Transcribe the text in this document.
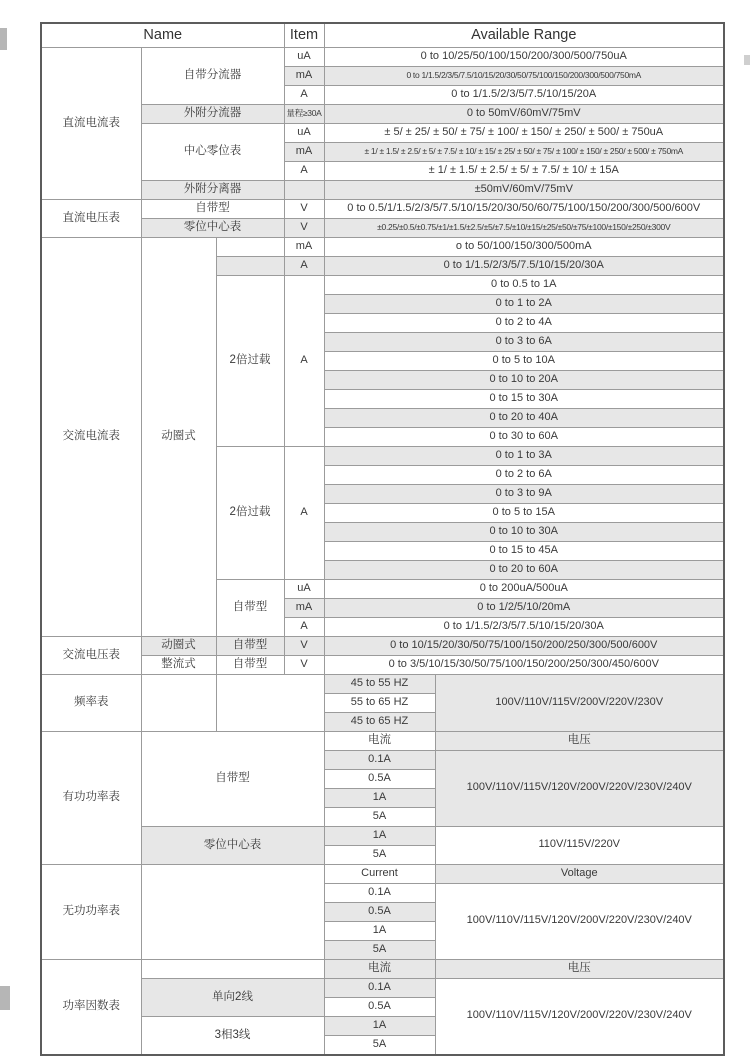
Name			Item	Available Range	
直流电流表	自带分流器		uA	0 to 10/25/50/100/150/200/300/500/750uA	
			mA	0 to 1/1.5/2/3/5/7.5/10/15/20/30/50/75/100/150/200/300/500/750mA	
			A	0 to 1/1.5/2/3/5/7.5/10/15/20A	
	外附分流器		量程≥30A	0 to 50mV/60mV/75mV	
	中心零位表		uA	± 5/ ± 25/ ± 50/ ± 75/ ± 100/ ± 150/ ± 250/ ± 500/ ± 750uA	
			mA	± 1/ ± 1.5/ ± 2.5/ ± 5/ ± 7.5/ ± 10/ ± 15/ ± 25/ ± 50/ ± 75/ ± 100/ ± 150/ ± 250/ ± 500/ ± 750mA	
			A	± 1/ ± 1.5/ ± 2.5/ ± 5/ ± 7.5/ ± 10/ ± 15A	
	外附分离器			±50mV/60mV/75mV	
直流电压表	自带型		V	0 to 0.5/1/1.5/2/3/5/7.5/10/15/20/30/50/60/75/100/150/200/300/500/600V	
	零位中心表		V	±0.25/±0.5/±0.75/±1/±1.5/±2.5/±5/±7.5/±10/±15/±25/±50/±75/±100/±150/±250/±300V	
交流电流表	动圈式		mA	o to 50/100/150/300/500mA	
			A	0 to 1/1.5/2/3/5/7.5/10/15/20/30A	
		2倍过载	A	0 to 0.5 to 1A	
				0 to 1 to 2A	
				0 to 2 to 4A	
				0 to 3 to 6A	
				0 to 5 to 10A	
				0 to 10 to 20A	
				0 to 15 to 30A	
				0 to 20 to 40A	
				0 to 30 to 60A	
		2倍过载	A	0 to 1 to 3A	
				0 to 2 to 6A	
				0 to 3 to 9A	
				0 to 5 to 15A	
				0 to 10 to 30A	
				0 to 15 to 45A	
				0 to 20 to 60A	
		自带型	uA	0 to 200uA/500uA	
			mA	0 to 1/2/5/10/20mA	
			A	0 to 1/1.5/2/3/5/7.5/10/15/20/30A	
交流电压表	动圈式	自带型	V	0 to 10/15/20/30/50/75/100/150/200/250/300/500/600V	
	整流式	自带型	V	0 to 3/5/10/15/30/50/75/100/150/200/250/300/450/600V	
频率表				45 to 55 HZ	100V/110V/115V/200V/220V/230V
				55 to 65 HZ	
				45 to 65 HZ	
有功功率表	自带型			电流	电压
				0.1A	100V/110V/115V/120V/200V/220V/230V/240V
				0.5A	
				1A	
				5A	
	零位中心表			1A	110V/115V/220V
				5A	
无功功率表				Current	Voltage
				0.1A	100V/110V/115V/120V/200V/220V/230V/240V
				0.5A	
				1A	
				5A	
功率因数表				电流	电压
	单向2线			0.1A	100V/110V/115V/120V/200V/220V/230V/240V
				0.5A	
	3相3线			1A	
				5A	
